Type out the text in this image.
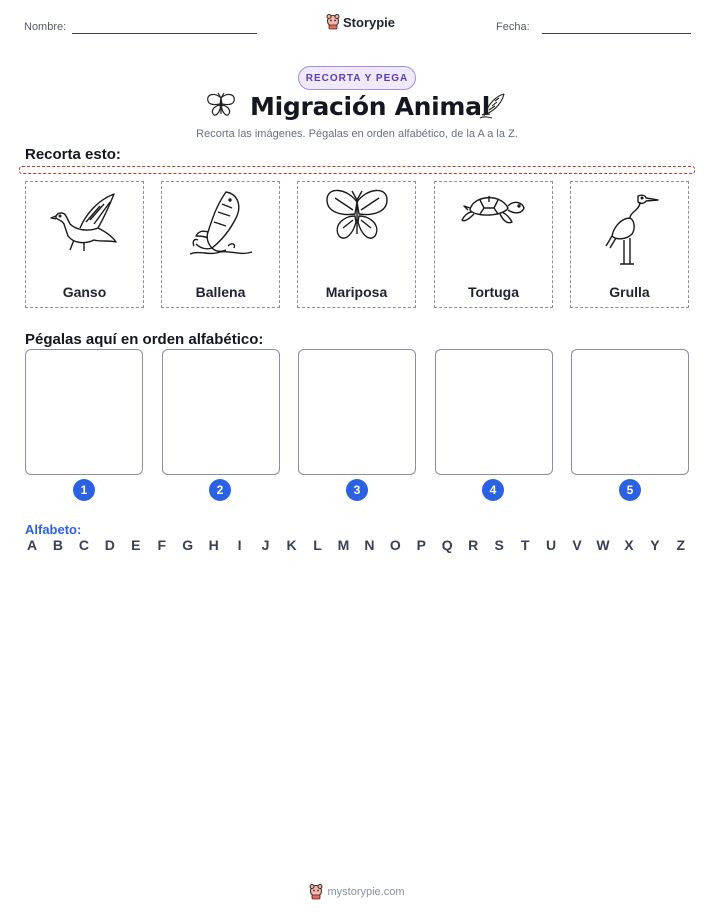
Nombre:	Storypie	Fecha:
RECORTA Y PEGA
Migración Animal
Recorta las imágenes. Pégalas en orden alfabético, de la A a la Z.
Recorta esto:
Ganso	Ballena	Mariposa	Tortuga	Grulla
Pégalas aquí en orden alfabético:
1	2	3	4	5
Alfabeto:
A B C D E F G H	I	J K L M N O P Q R S T U V W X Y Z
mystorypie.com
